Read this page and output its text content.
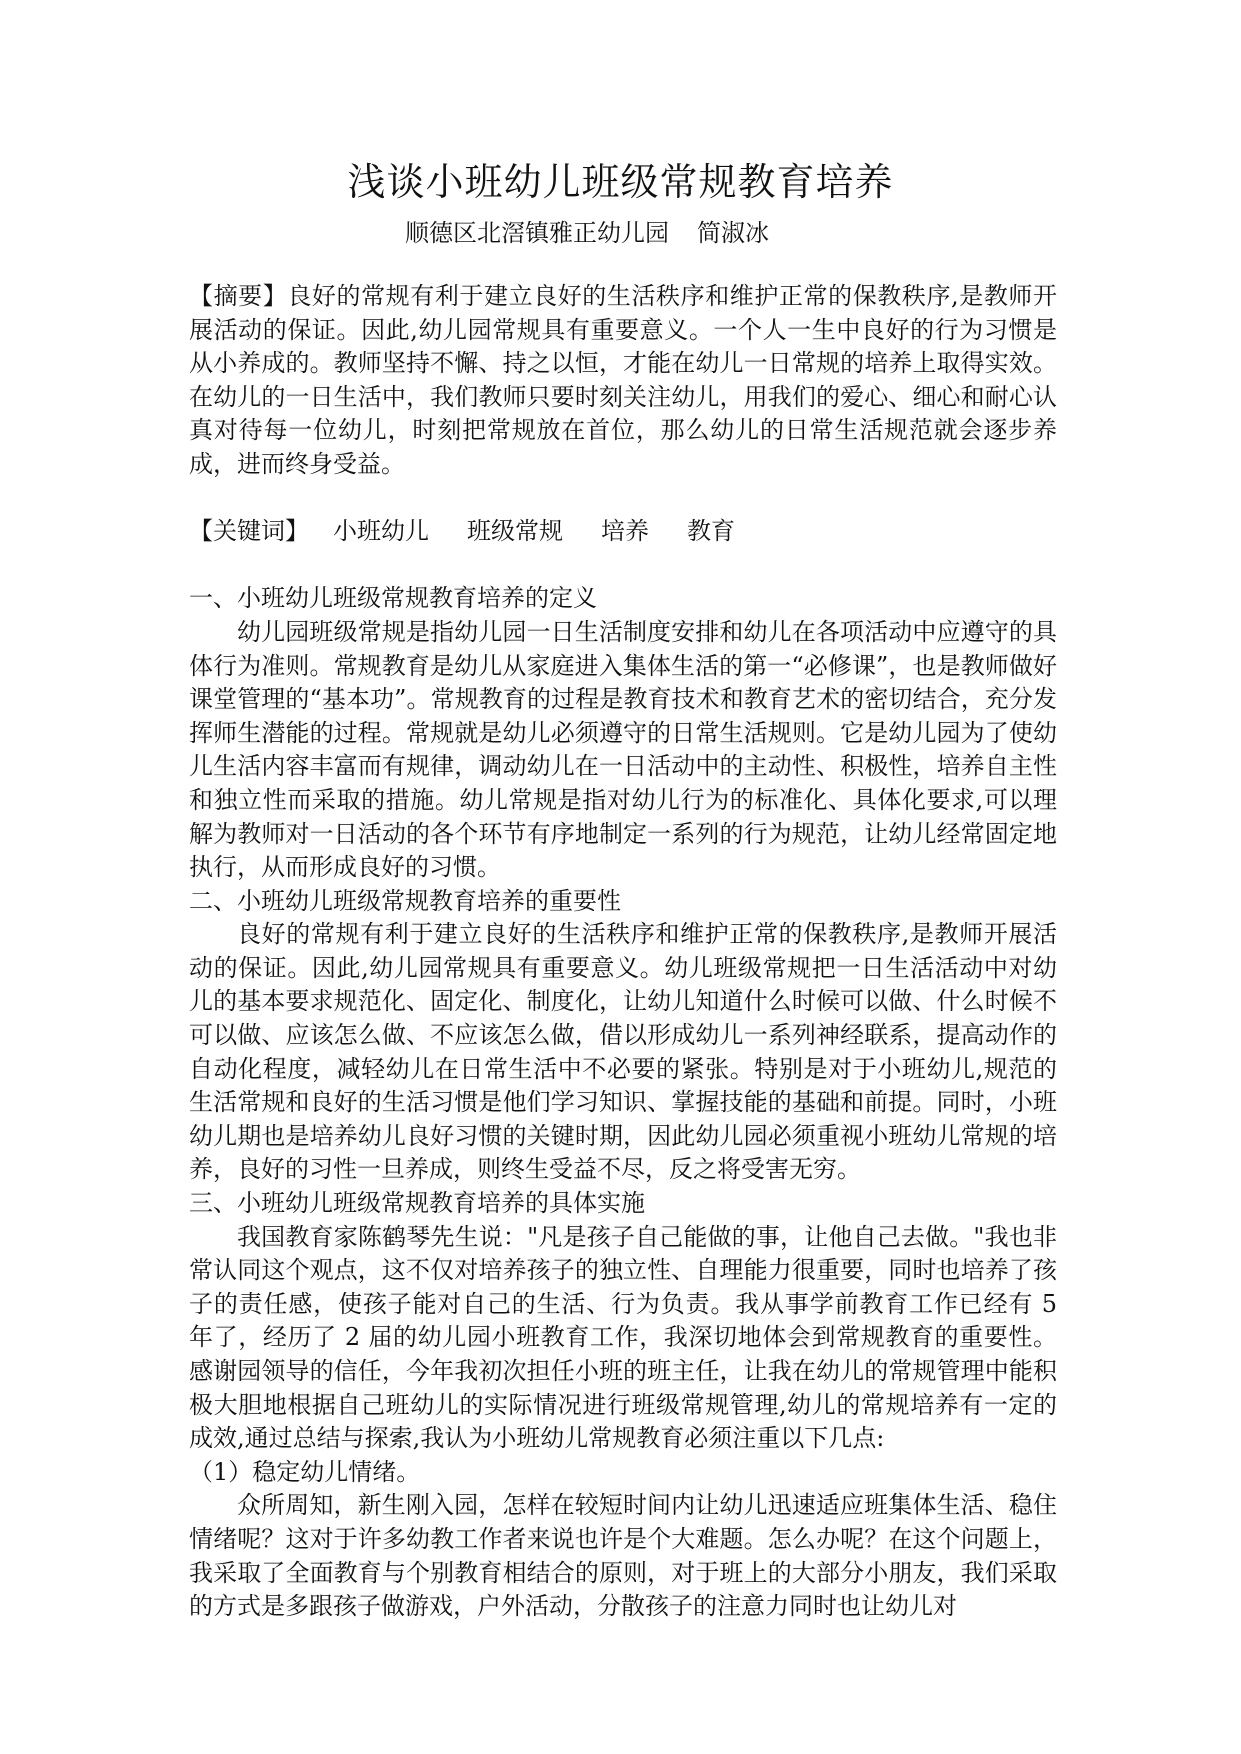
浅谈小班幼儿班级常规教育培养
顺德区北滘镇雅正幼儿园 简淑冰

【摘要】良好的常规有利于建立良好的生活秩序和维护正常的保教秩序,是教师开展活动的保证。因此,幼儿园常规具有重要意义。一个人一生中良好的行为习惯是从小养成的。教师坚持不懈、持之以恒，才能在幼儿一日常规的培养上取得实效。在幼儿的一日生活中，我们教师只要时刻关注幼儿，用我们的爱心、细心和耐心认真对待每一位幼儿，时刻把常规放在首位，那么幼儿的日常生活规范就会逐步养成，进而终身受益。

【关键词】 小班幼儿 班级常规 培养 教育

一、小班幼儿班级常规教育培养的定义

幼儿园班级常规是指幼儿园一日生活制度安排和幼儿在各项活动中应遵守的具体行为准则。常规教育是幼儿从家庭进入集体生活的第一“必修课”，也是教师做好课堂管理的“基本功”。常规教育的过程是教育技术和教育艺术的密切结合，充分发挥师生潜能的过程。常规就是幼儿必须遵守的日常生活规则。它是幼儿园为了使幼儿生活内容丰富而有规律，调动幼儿在一日活动中的主动性、积极性，培养自主性和独立性而采取的措施。幼儿常规是指对幼儿行为的标准化、具体化要求,可以理解为教师对一日活动的各个环节有序地制定一系列的行为规范，让幼儿经常固定地执行，从而形成良好的习惯。

二、小班幼儿班级常规教育培养的重要性

良好的常规有利于建立良好的生活秩序和维护正常的保教秩序,是教师开展活动的保证。因此,幼儿园常规具有重要意义。幼儿班级常规把一日生活活动中对幼儿的基本要求规范化、固定化、制度化，让幼儿知道什么时候可以做、什么时候不可以做、应该怎么做、不应该怎么做，借以形成幼儿一系列神经联系，提高动作的自动化程度，减轻幼儿在日常生活中不必要的紧张。特别是对于小班幼儿,规范的生活常规和良好的生活习惯是他们学习知识、掌握技能的基础和前提。同时，小班幼儿期也是培养幼儿良好习惯的关键时期，因此幼儿园必须重视小班幼儿常规的培养，良好的习性一旦养成，则终生受益不尽，反之将受害无穷。

三、小班幼儿班级常规教育培养的具体实施

我国教育家陈鹤琴先生说："凡是孩子自己能做的事，让他自己去做。"我也非常认同这个观点，这不仅对培养孩子的独立性、自理能力很重要，同时也培养了孩子的责任感，使孩子能对自己的生活、行为负责。我从事学前教育工作已经有 5 年了，经历了 2 届的幼儿园小班教育工作，我深切地体会到常规教育的重要性。感谢园领导的信任，今年我初次担任小班的班主任，让我在幼儿的常规管理中能积极大胆地根据自己班幼儿的实际情况进行班级常规管理,幼儿的常规培养有一定的成效,通过总结与探索,我认为小班幼儿常规教育必须注重以下几点:

（1）稳定幼儿情绪。

众所周知，新生刚入园，怎样在较短时间内让幼儿迅速适应班集体生活、稳住情绪呢？这对于许多幼教工作者来说也许是个大难题。怎么办呢？在这个问题上，我采取了全面教育与个别教育相结合的原则，对于班上的大部分小朋友，我们采取的方式是多跟孩子做游戏，户外活动，分散孩子的注意力同时也让幼儿对
